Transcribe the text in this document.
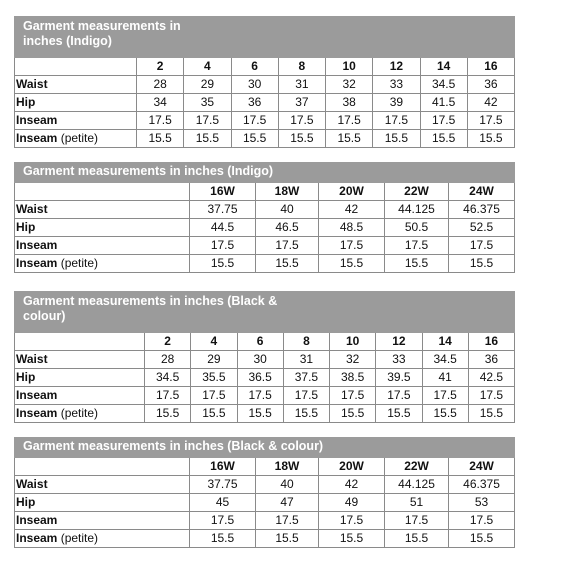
Garment measurements in inches (Indigo)								
	2	4	6	8	10	12	14	16
Waist	28	29	30	31	32	33	34.5	36
Hip	34	35	36	37	38	39	41.5	42
Inseam	17.5	17.5	17.5	17.5	17.5	17.5	17.5	17.5
Inseam (petite)	15.5	15.5	15.5	15.5	15.5	15.5	15.5	15.5
Garment measurements in inches (Indigo)					
	16W	18W	20W	22W	24W
Waist	37.75	40	42	44.125	46.375
Hip	44.5	46.5	48.5	50.5	52.5
Inseam	17.5	17.5	17.5	17.5	17.5
Inseam (petite)	15.5	15.5	15.5	15.5	15.5
Garment measurements in inches (Black & colour)								
	2	4	6	8	10	12	14	16
Waist	28	29	30	31	32	33	34.5	36
Hip	34.5	35.5	36.5	37.5	38.5	39.5	41	42.5
Inseam	17.5	17.5	17.5	17.5	17.5	17.5	17.5	17.5
Inseam (petite)	15.5	15.5	15.5	15.5	15.5	15.5	15.5	15.5
Garment measurements in inches (Black & colour)					
	16W	18W	20W	22W	24W
Waist	37.75	40	42	44.125	46.375
Hip	45	47	49	51	53
Inseam	17.5	17.5	17.5	17.5	17.5
Inseam (petite)	15.5	15.5	15.5	15.5	15.5
